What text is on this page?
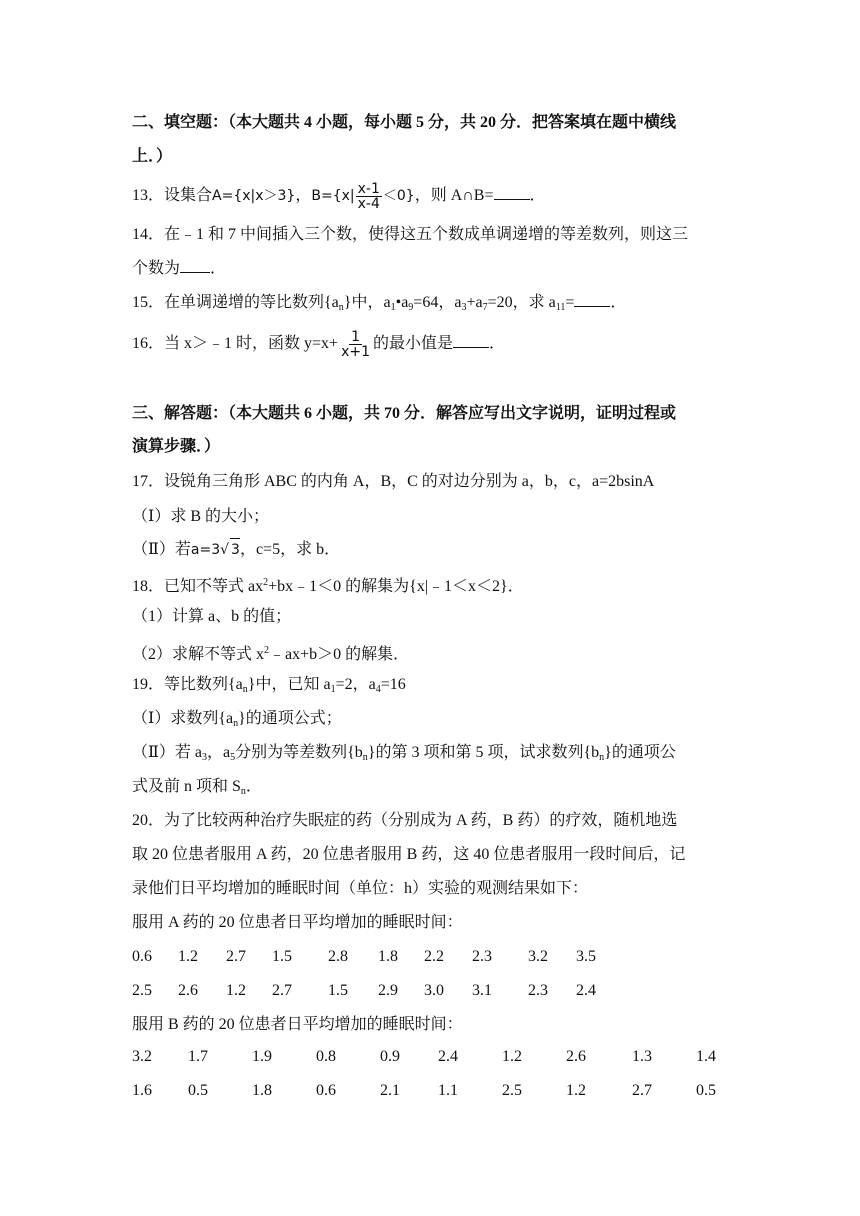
二、填空题：（本大题共 4 小题，每小题 5 分，共 20 分．把答案填在题中横线
上．）
13．设集合A={x|x＞3}，$B=\{x| \frac{x-1}{x-4} <0\}$，则 A∩B= ．
14．在﹣1 和 7 中间插入三个数，使得这五个数成单调递增的等差数列，则这三
个数为 ．
15．在单调递增的等比数列$\{a_n\}$中，$a_1•a_9=64$，$a_3+a_7=20$，求 $a_{11}=$ ．
16．当 x＞﹣1 时，函数 $y=x+ \frac{1}{x+1}$ 的最小值是 ．
三、解答题：（本大题共 6 小题，共 70 分．解答应写出文字说明，证明过程或
演算步骤．）
17．设锐角三角形 ABC 的内角 A，B，C 的对边分别为 a，b，c，a=2bsinA
（Ⅰ）求 B 的大小；
（Ⅱ）若a=3√ 3，c=5，求 b．
18．已知不等式 $ax^2+bx﹣1<0$ 的解集为{x|﹣1＜x＜2}．
（1）计算 a、b 的值；
（2）求解不等式 $x^2﹣ax+b>0$ 的解集．
19．等比数列$\{a_n\}$中，已知 $a_1=2$，$a_4=16$
（Ⅰ）求数列$\{a_n\}$的通项公式；
（Ⅱ）若 $a_3$，$a_5$分别为等差数列$\{b_n\}$的第 3 项和第 5 项，试求数列$\{b_n\}$的通项公
式及前 n 项和 $S_n$．
20．为了比较两种治疗失眠症的药（分别成为 A 药，B 药）的疗效，随机地选
取 20 位患者服用 A 药，20 位患者服用 B 药，这 40 位患者服用一段时间后，记
录他们日平均增加的睡眠时间（单位：h）实验的观测结果如下：
服用 A 药的 20 位患者日平均增加的睡眠时间：
0.6 1.2 2.7 1.5 2.8 1.8 2.2 2.3 3.2 3.5
2.5 2.6 1.2 2.7 1.5 2.9 3.0 3.1 2.3 2.4
服用 B 药的 20 位患者日平均增加的睡眠时间：
3.2 1.7	1.9	0.8	0.9 2.4	1.2	2.6	1.3	1.4
1.6 0.5	1.8	0.6	2.1 1.1	2.5	1.2	2.7	0.5
